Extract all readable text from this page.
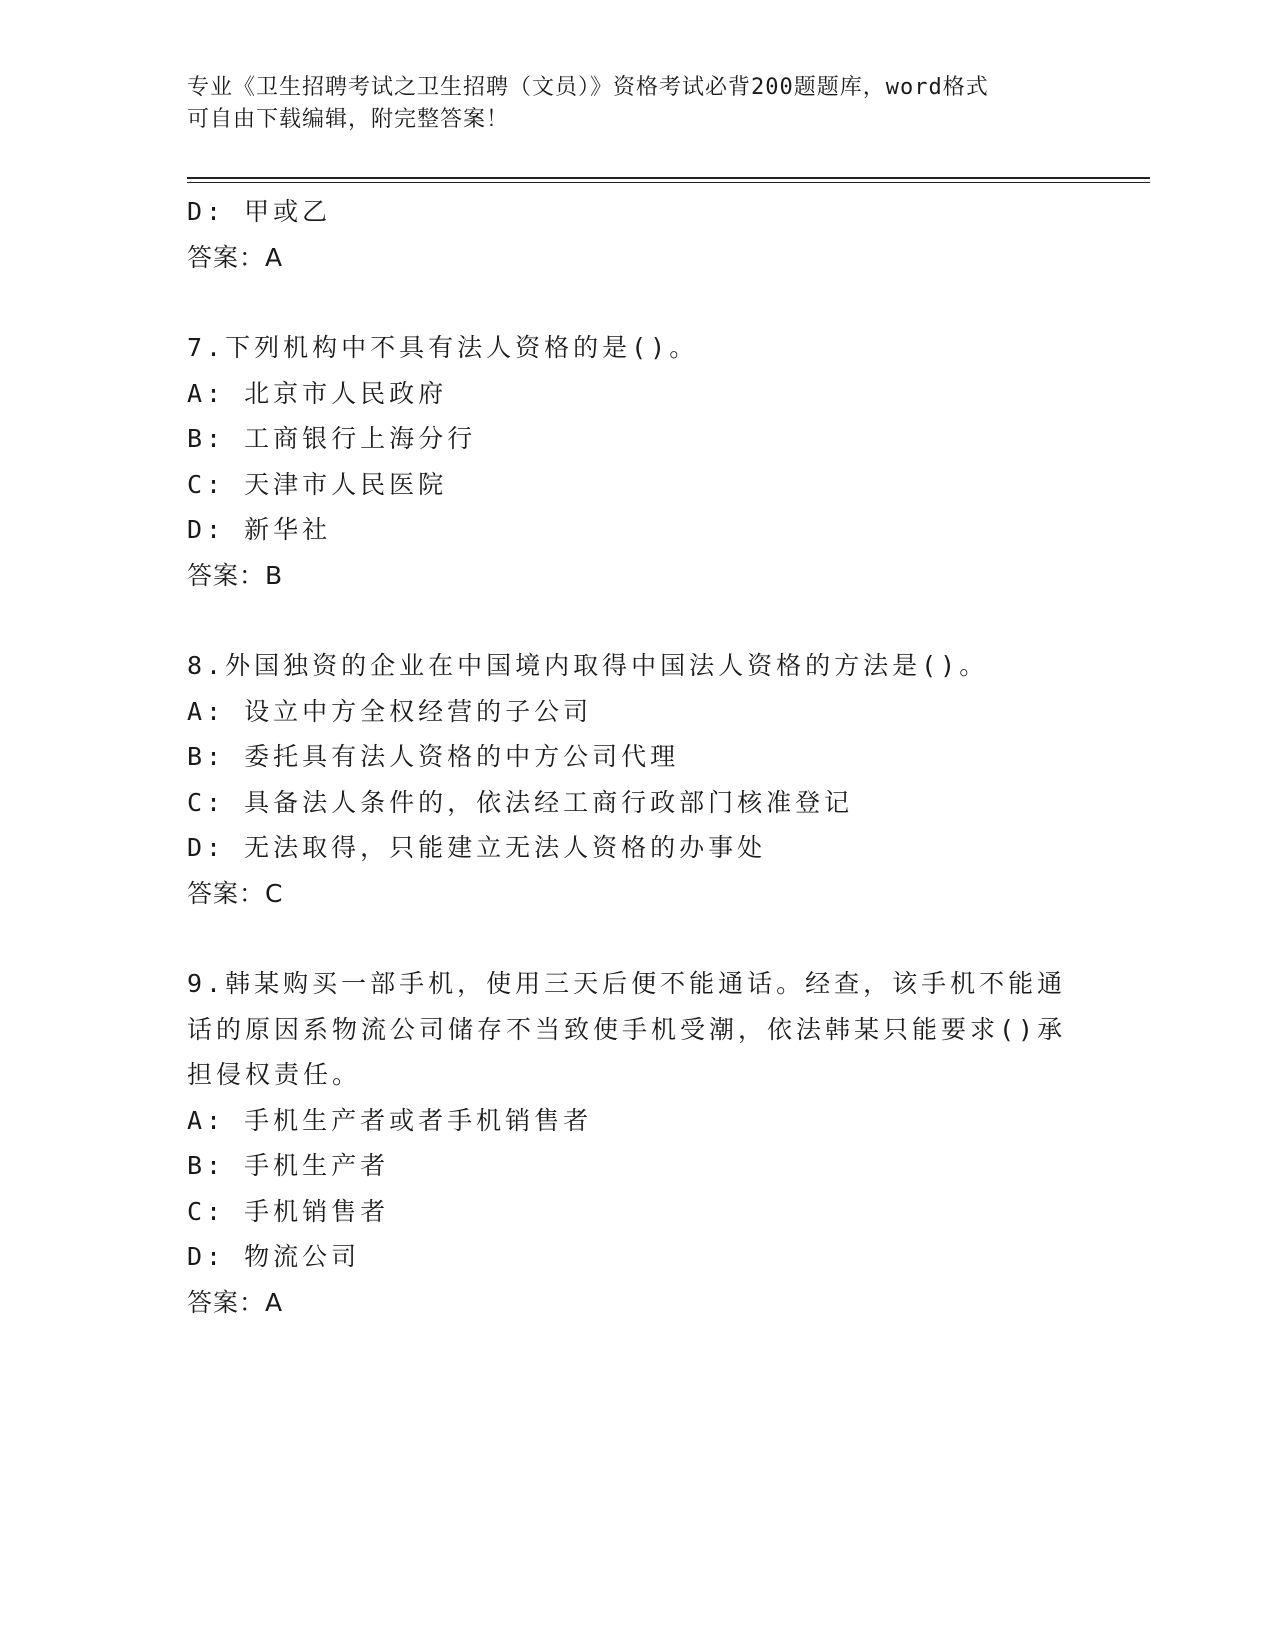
专业《卫生招聘考试之卫生招聘（文员）》资格考试必背200题题库，word格式
可自由下载编辑，附完整答案！
D: 甲或乙
答案：A
7.下列机构中不具有法人资格的是()。
A: 北京市人民政府
B: 工商银行上海分行
C: 天津市人民医院
D: 新华社
答案：B
8.外国独资的企业在中国境内取得中国法人资格的方法是()。
A: 设立中方全权经营的子公司
B: 委托具有法人资格的中方公司代理
C: 具备法人条件的，依法经工商行政部门核准登记
D: 无法取得，只能建立无法人资格的办事处
答案：C
9.韩某购买一部手机，使用三天后便不能通话。经查，该手机不能通
话的原因系物流公司储存不当致使手机受潮，依法韩某只能要求()承
担侵权责任。
A: 手机生产者或者手机销售者
B: 手机生产者
C: 手机销售者
D: 物流公司
答案：A
